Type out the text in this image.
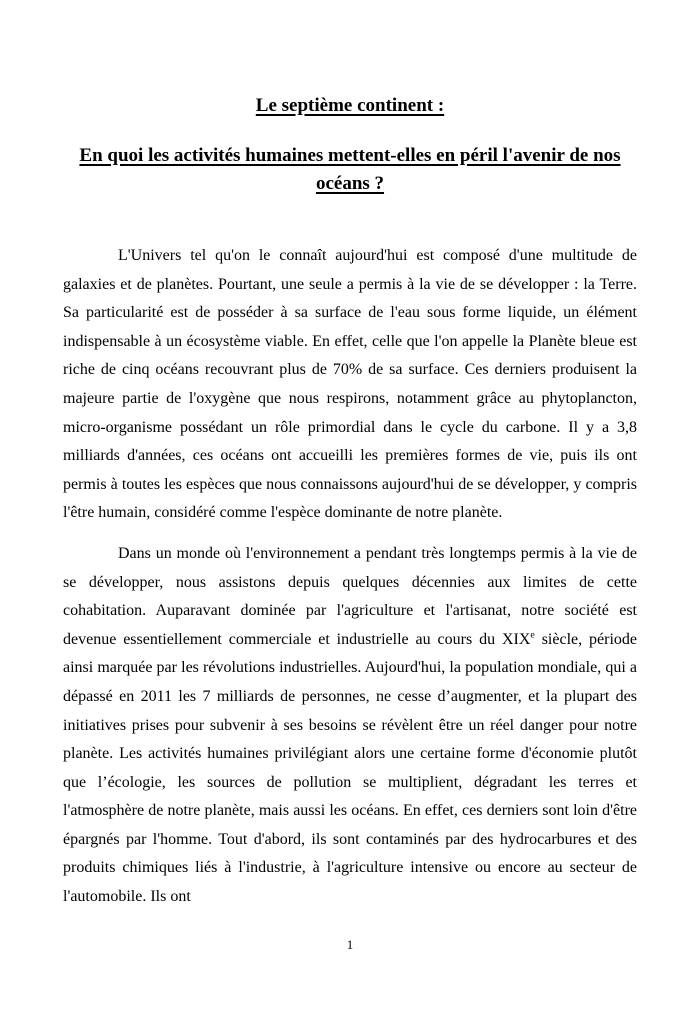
Le septième continent :
En quoi les activités humaines mettent-elles en péril l'avenir de nos océans ?

L'Univers tel qu'on le connaît aujourd'hui est composé d'une multitude de galaxies et de planètes. Pourtant, une seule a permis à la vie de se développer : la Terre. Sa particularité est de posséder à sa surface de l'eau sous forme liquide, un élément indispensable à un écosystème viable. En effet, celle que l'on appelle la Planète bleue est riche de cinq océans recouvrant plus de 70% de sa surface. Ces derniers produisent la majeure partie de l'oxygène que nous respirons, notamment grâce au phytoplancton, micro-organisme possédant un rôle primordial dans le cycle du carbone. Il y a 3,8 milliards d'années, ces océans ont accueilli les premières formes de vie, puis ils ont permis à toutes les espèces que nous connaissons aujourd'hui de se développer, y compris l'être humain, considéré comme l'espèce dominante de notre planète.

Dans un monde où l'environnement a pendant très longtemps permis à la vie de se développer, nous assistons depuis quelques décennies aux limites de cette cohabitation. Auparavant dominée par l'agriculture et l'artisanat, notre société est devenue essentiellement commerciale et industrielle au cours du XIXe siècle, période ainsi marquée par les révolutions industrielles. Aujourd'hui, la population mondiale, qui a dépassé en 2011 les 7 milliards de personnes, ne cesse d’augmenter, et la plupart des initiatives prises pour subvenir à ses besoins se révèlent être un réel danger pour notre planète. Les activités humaines privilégiant alors une certaine forme d'économie plutôt que l’écologie, les sources de pollution se multiplient, dégradant les terres et l'atmosphère de notre planète, mais aussi les océans. En effet, ces derniers sont loin d'être épargnés par l'homme. Tout d'abord, ils sont contaminés par des hydrocarbures et des produits chimiques liés à l'industrie, à l'agriculture intensive ou encore au secteur de l'automobile. Ils ont

1
